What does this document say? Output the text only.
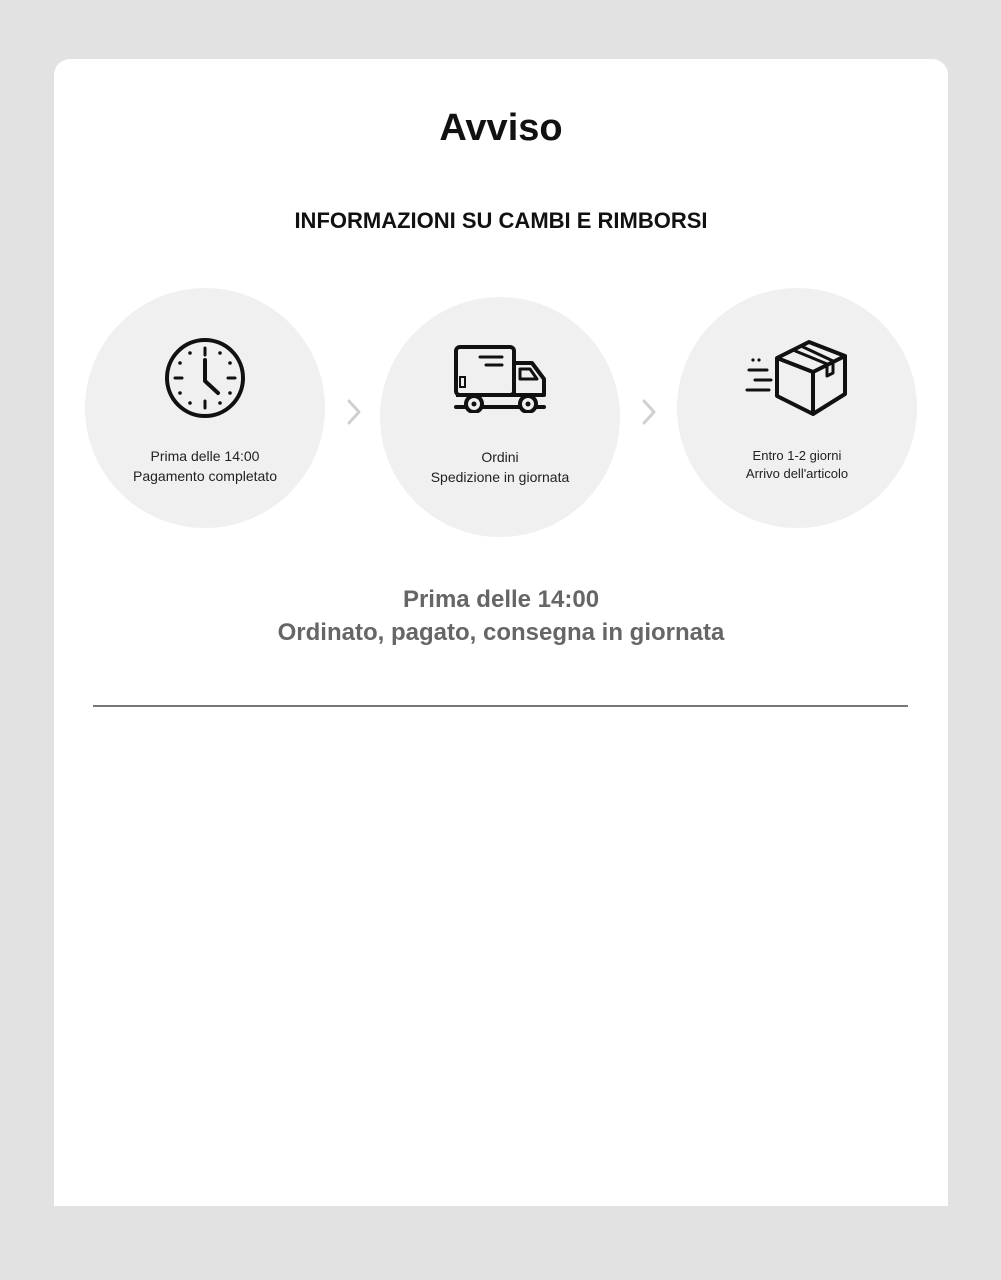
Avviso
INFORMAZIONI SU CAMBI E RIMBORSI
Prima delle 14:00
Pagamento completato
Ordini
Spedizione in giornata
Entro 1-2 giorni
Arrivo dell'articolo
Prima delle 14:00
Ordinato, pagato, consegna in giornata
